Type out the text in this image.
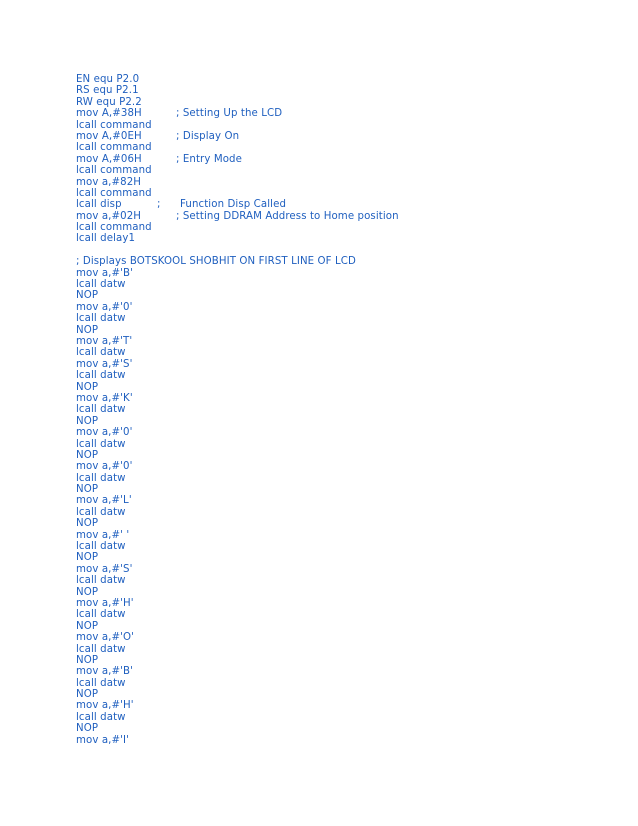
EN equ P2.0
RS equ P2.1
RW equ P2.2
mov A,#38H	; Setting Up the LCD
lcall command
mov A,#0EH	; Display On
lcall command
mov A,#06H	; Entry Mode
lcall command
mov a,#82H
lcall command
lcall disp	; Function Disp Called
mov a,#02H	; Setting DDRAM Address to Home position
lcall command
lcall delay1
; Displays BOTSKOOL SHOBHIT ON FIRST LINE OF LCD
mov a,#'B'
lcall datw
NOP
mov a,#'0'
lcall datw
NOP
mov a,#'T'
lcall datw
mov a,#'S'
lcall datw
NOP
mov a,#'K'
lcall datw
NOP
mov a,#'0'
lcall datw
NOP
mov a,#'0'
lcall datw
NOP
mov a,#'L'
lcall datw
NOP
mov a,#' '
lcall datw
NOP
mov a,#'S'
lcall datw
NOP
mov a,#'H'
lcall datw
NOP
mov a,#'O'
lcall datw
NOP
mov a,#'B'
lcall datw
NOP
mov a,#'H'
lcall datw
NOP
mov a,#'I'
